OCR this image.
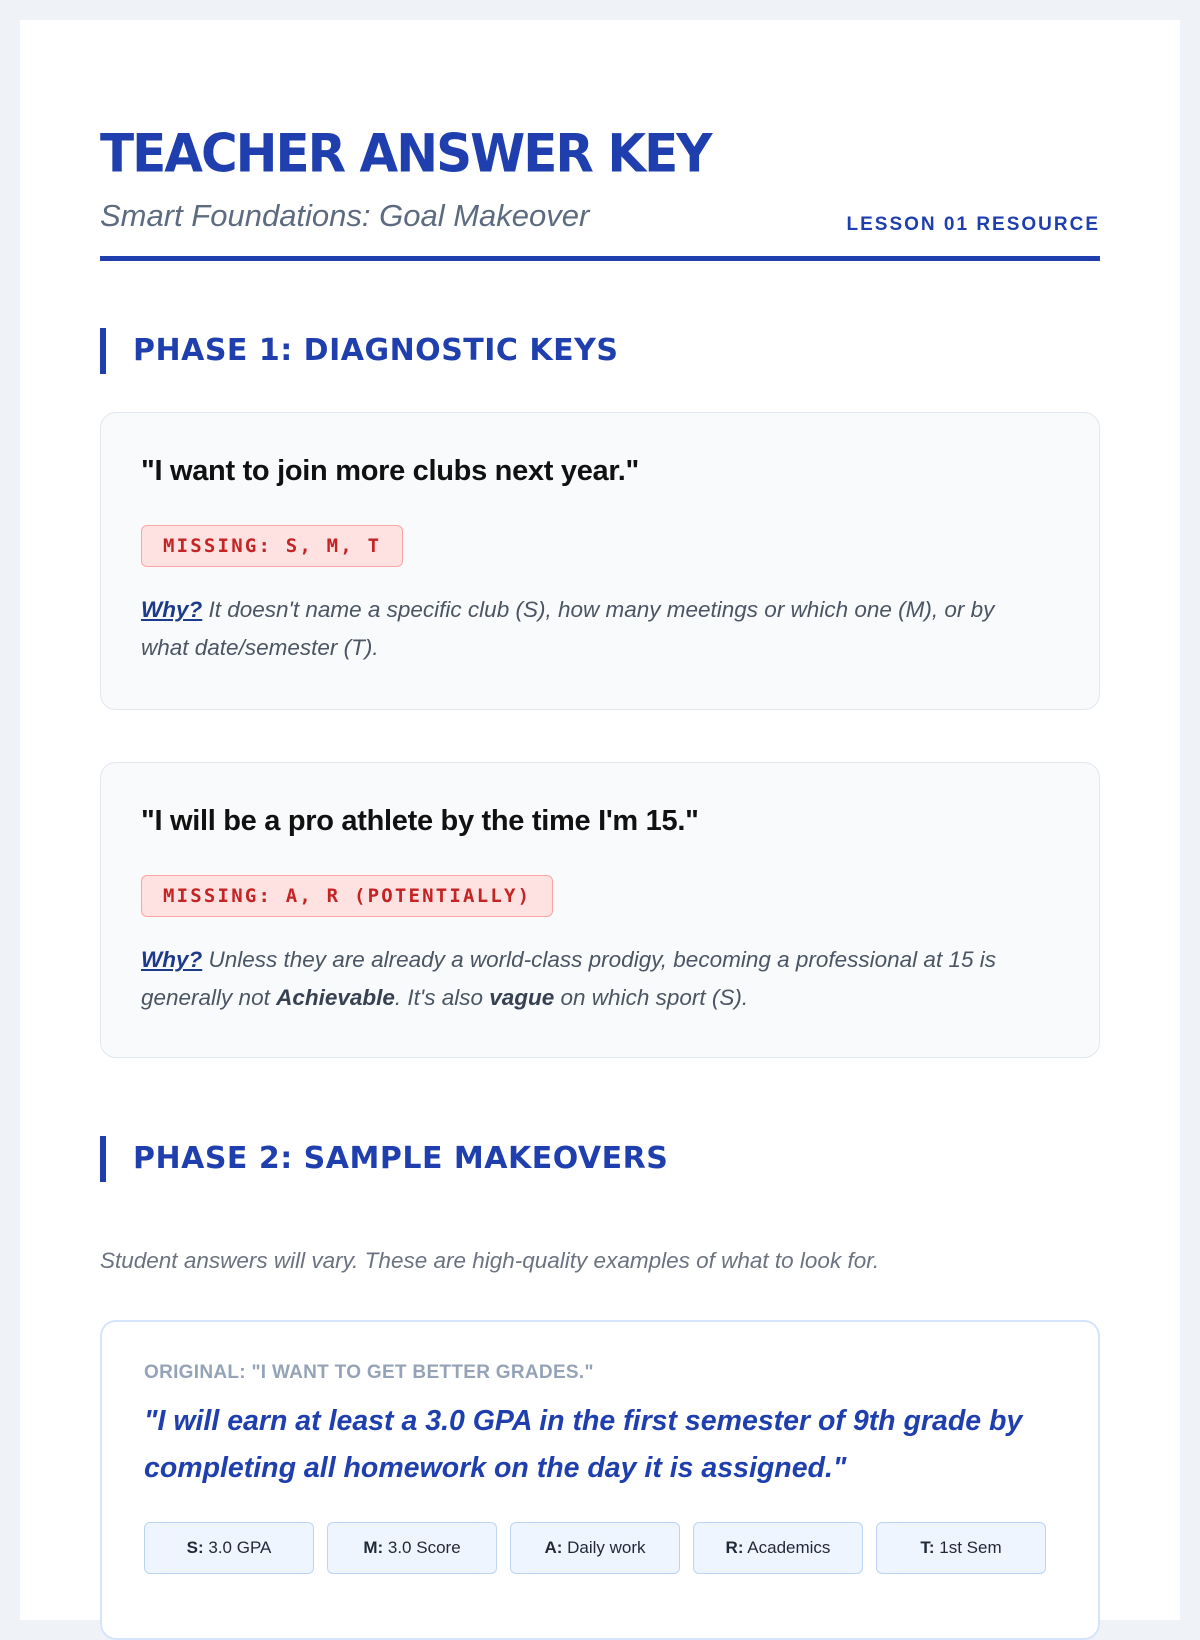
TEACHER ANSWER KEY
Smart Foundations: Goal Makeover	LESSON 01 RESOURCE
PHASE 1: DIAGNOSTIC KEYS
"I want to join more clubs next year."
MISSING: S, M, T
Why? It doesn't name a specific club (S), how many meetings or which one (M), or by what date/semester (T).
"I will be a pro athlete by the time I'm 15."
MISSING: A, R (POTENTIALLY)
Why? Unless they are already a world-class prodigy, becoming a professional at 15 is generally not Achievable. It's also vague on which sport (S).
PHASE 2: SAMPLE MAKEOVERS
Student answers will vary. These are high-quality examples of what to look for.
ORIGINAL: "I WANT TO GET BETTER GRADES."
"I will earn at least a 3.0 GPA in the first semester of 9th grade by completing all homework on the day it is assigned."
S: 3.0 GPA	M: 3.0 Score	A: Daily work	R: Academics	T: 1st Sem
